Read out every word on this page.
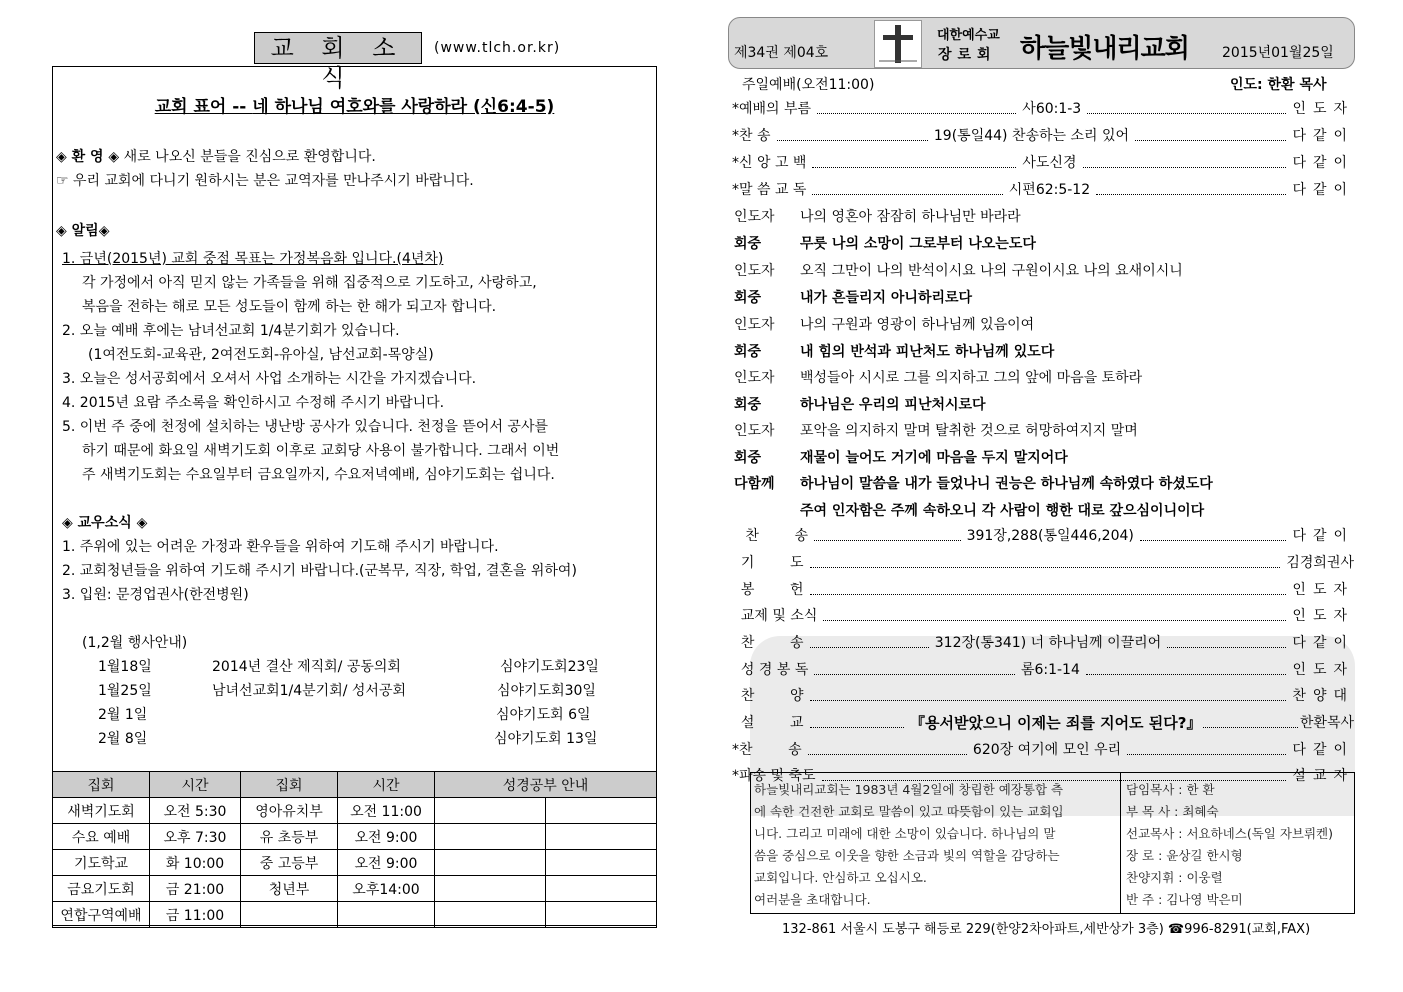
교 회 소 식
(www.tlch.or.kr)
교회 표어 -- 네 하나님 여호와를 사랑하라 (신6:4-5)
◈ 환 영 ◈ 새로 나오신 분들을 진심으로 환영합니다.
☞ 우리 교회에 다니기 원하시는 분은 교역자를 만나주시기 바랍니다.
◈ 알림◈
1. 금년(2015년) 교회 중점 목표는 가정복음화 입니다.(4년차)
각 가정에서 아직 믿지 않는 가족들을 위해 집중적으로 기도하고, 사랑하고,
복음을 전하는 해로 모든 성도들이 함께 하는 한 해가 되고자 합니다.
2. 오늘 예배 후에는 남녀선교회 1/4분기회가 있습니다.
(1여전도회-교육관, 2여전도회-유아실, 남선교회-목양실)
3. 오늘은 성서공회에서 오셔서 사업 소개하는 시간을 가지겠습니다.
4. 2015년 요람 주소록을 확인하시고 수정해 주시기 바랍니다.
5. 이번 주 중에 천정에 설치하는 냉난방 공사가 있습니다. 천정을 뜯어서 공사를
하기 때문에 화요일 새벽기도회 이후로 교회당 사용이 불가합니다. 그래서 이번
주 새벽기도회는 수요일부터 금요일까지, 수요저녁예배, 심야기도회는 쉽니다.
◈ 교우소식 ◈
1. 주위에 있는 어려운 가정과 환우들을 위하여 기도해 주시기 바랍니다.
2. 교회청년들을 위하여 기도해 주시기 바랍니다.(군복무, 직장, 학업, 결혼을 위하여)
3. 입원: 문경업권사(한전병원)
(1,2월 행사안내)
1월18일	2014년 결산 제직회/ 공동의회	심야기도회23일
1월25일	남녀선교회1/4분기회/ 성서공회	심야기도회30일
2월 1일	심야기도회 6일
2월 8일	심야기도회 13일
집회	시간	집회	시간	성경공부 안내	
새벽기도회	오전 5:30	영아유치부	오전 11:00		
수요 예배	오후 7:30	유 초등부	오전 9:00		
기도학교	화 10:00	중 고등부	오전 9:00		
금요기도회	금 21:00	청년부	오후14:00		
연합구역예배	금 11:00				
제34권 제04호
대한예수교
장로회 하늘빛내리교회 2015년01월25일
주일예배(오전11:00)	인도: 한환 목사
*예배의 부름	사60:1-3	인도자
*찬 송	19(통일44) 찬송하는 소리 있어	다같이
*신 앙 고 백	사도신경	다같이
*말 씀 교 독	시편62:5-12	다같이
인도자 나의 영혼아 잠잠히 하나님만 바라라
회중	무릇 나의 소망이 그로부터 나오는도다
인도자 오직 그만이 나의 반석이시요 나의 구원이시요 나의 요새이시니
회중	내가 흔들리지 아니하리로다
인도자 나의 구원과 영광이 하나님께 있음이여
회중	내 힘의 반석과 피난처도 하나님께 있도다
인도자 백성들아 시시로 그를 의지하고 그의 앞에 마음을 토하라
회중	하나님은 우리의 피난처시로다
인도자 포악을 의지하지 말며 탈취한 것으로 허망하여지지 말며
회중	재물이 늘어도 거기에 마음을 두지 말지어다
다함께 하나님이 말씀을 내가 들었나니 권능은 하나님께 속하였다 하셨도다
주여 인자함은 주께 속하오니 각 사람이 행한 대로 갚으심이니이다
찬        송	391장,288(통일446,204)	다같이
기        도	김경희권사
봉        헌	인도자
교제 및 소식	인도자
찬        송	312장(통341) 너 하나님께 이끌리어	다같이
성 경 봉 독	롬6:1-14	인도자
찬        양	찬양대
설        교	『용서받았으니 이제는 죄를 지어도 된다?』	한환목사
*찬        송	620장 여기에 모인 우리	다같이
*파송 및 축도	설교자
하늘빛내리교회는 1983년 4월2일에 창립한 예장통합 측
에 속한 건전한 교회로 말씀이 있고 따뜻함이 있는 교회입
니다. 그리고 미래에 대한 소망이 있습니다. 하나님의 말
씀을 중심으로 이웃을 향한 소금과 빛의 역할을 감당하는
교회입니다. 안심하고 오십시오.
여러분을 초대합니다.
담임목사 : 한 환
부 목 사 : 최혜숙
선교목사 : 서요하네스(독일 자브뤼켄)
장 로 : 윤상길 한시형
찬양지휘 : 이웅렬
반 주 : 김나영 박은미
132-861 서울시 도봉구 해등로 229(한양2차아파트,세반상가 3층) ☎996-8291(교회,FAX)
